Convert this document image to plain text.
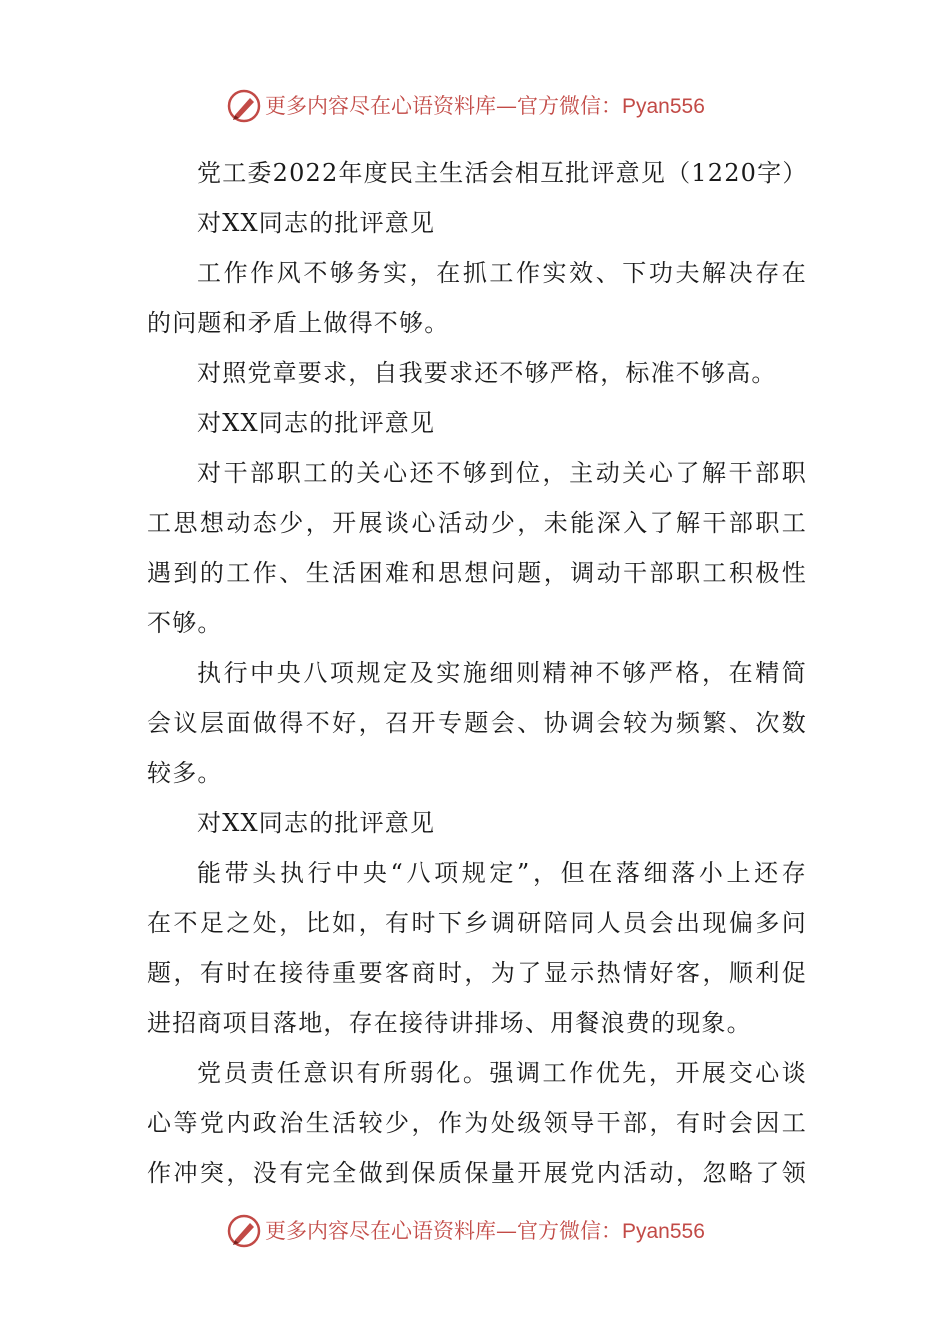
更多内容尽在心语资料库—官方微信：Pyan556
党工委2022年度民主生活会相互批评意见（1220字）
对XX同志的批评意见
工作作风不够务实，在抓工作实效、下功夫解决存在
的问题和矛盾上做得不够。
对照党章要求，自我要求还不够严格，标准不够高。
对XX同志的批评意见
对干部职工的关心还不够到位，主动关心了解干部职
工思想动态少，开展谈心活动少，未能深入了解干部职工
遇到的工作、生活困难和思想问题，调动干部职工积极性
不够。
执行中央八项规定及实施细则精神不够严格，在精简
会议层面做得不好，召开专题会、协调会较为频繁、次数
较多。
对XX同志的批评意见
能带头执行中央“八项规定”，但在落细落小上还存
在不足之处，比如，有时下乡调研陪同人员会出现偏多问
题，有时在接待重要客商时，为了显示热情好客，顺利促
进招商项目落地，存在接待讲排场、用餐浪费的现象。
党员责任意识有所弱化。强调工作优先，开展交心谈
心等党内政治生活较少，作为处级领导干部，有时会因工
作冲突，没有完全做到保质保量开展党内活动，忽略了领
更多内容尽在心语资料库—官方微信：Pyan556
